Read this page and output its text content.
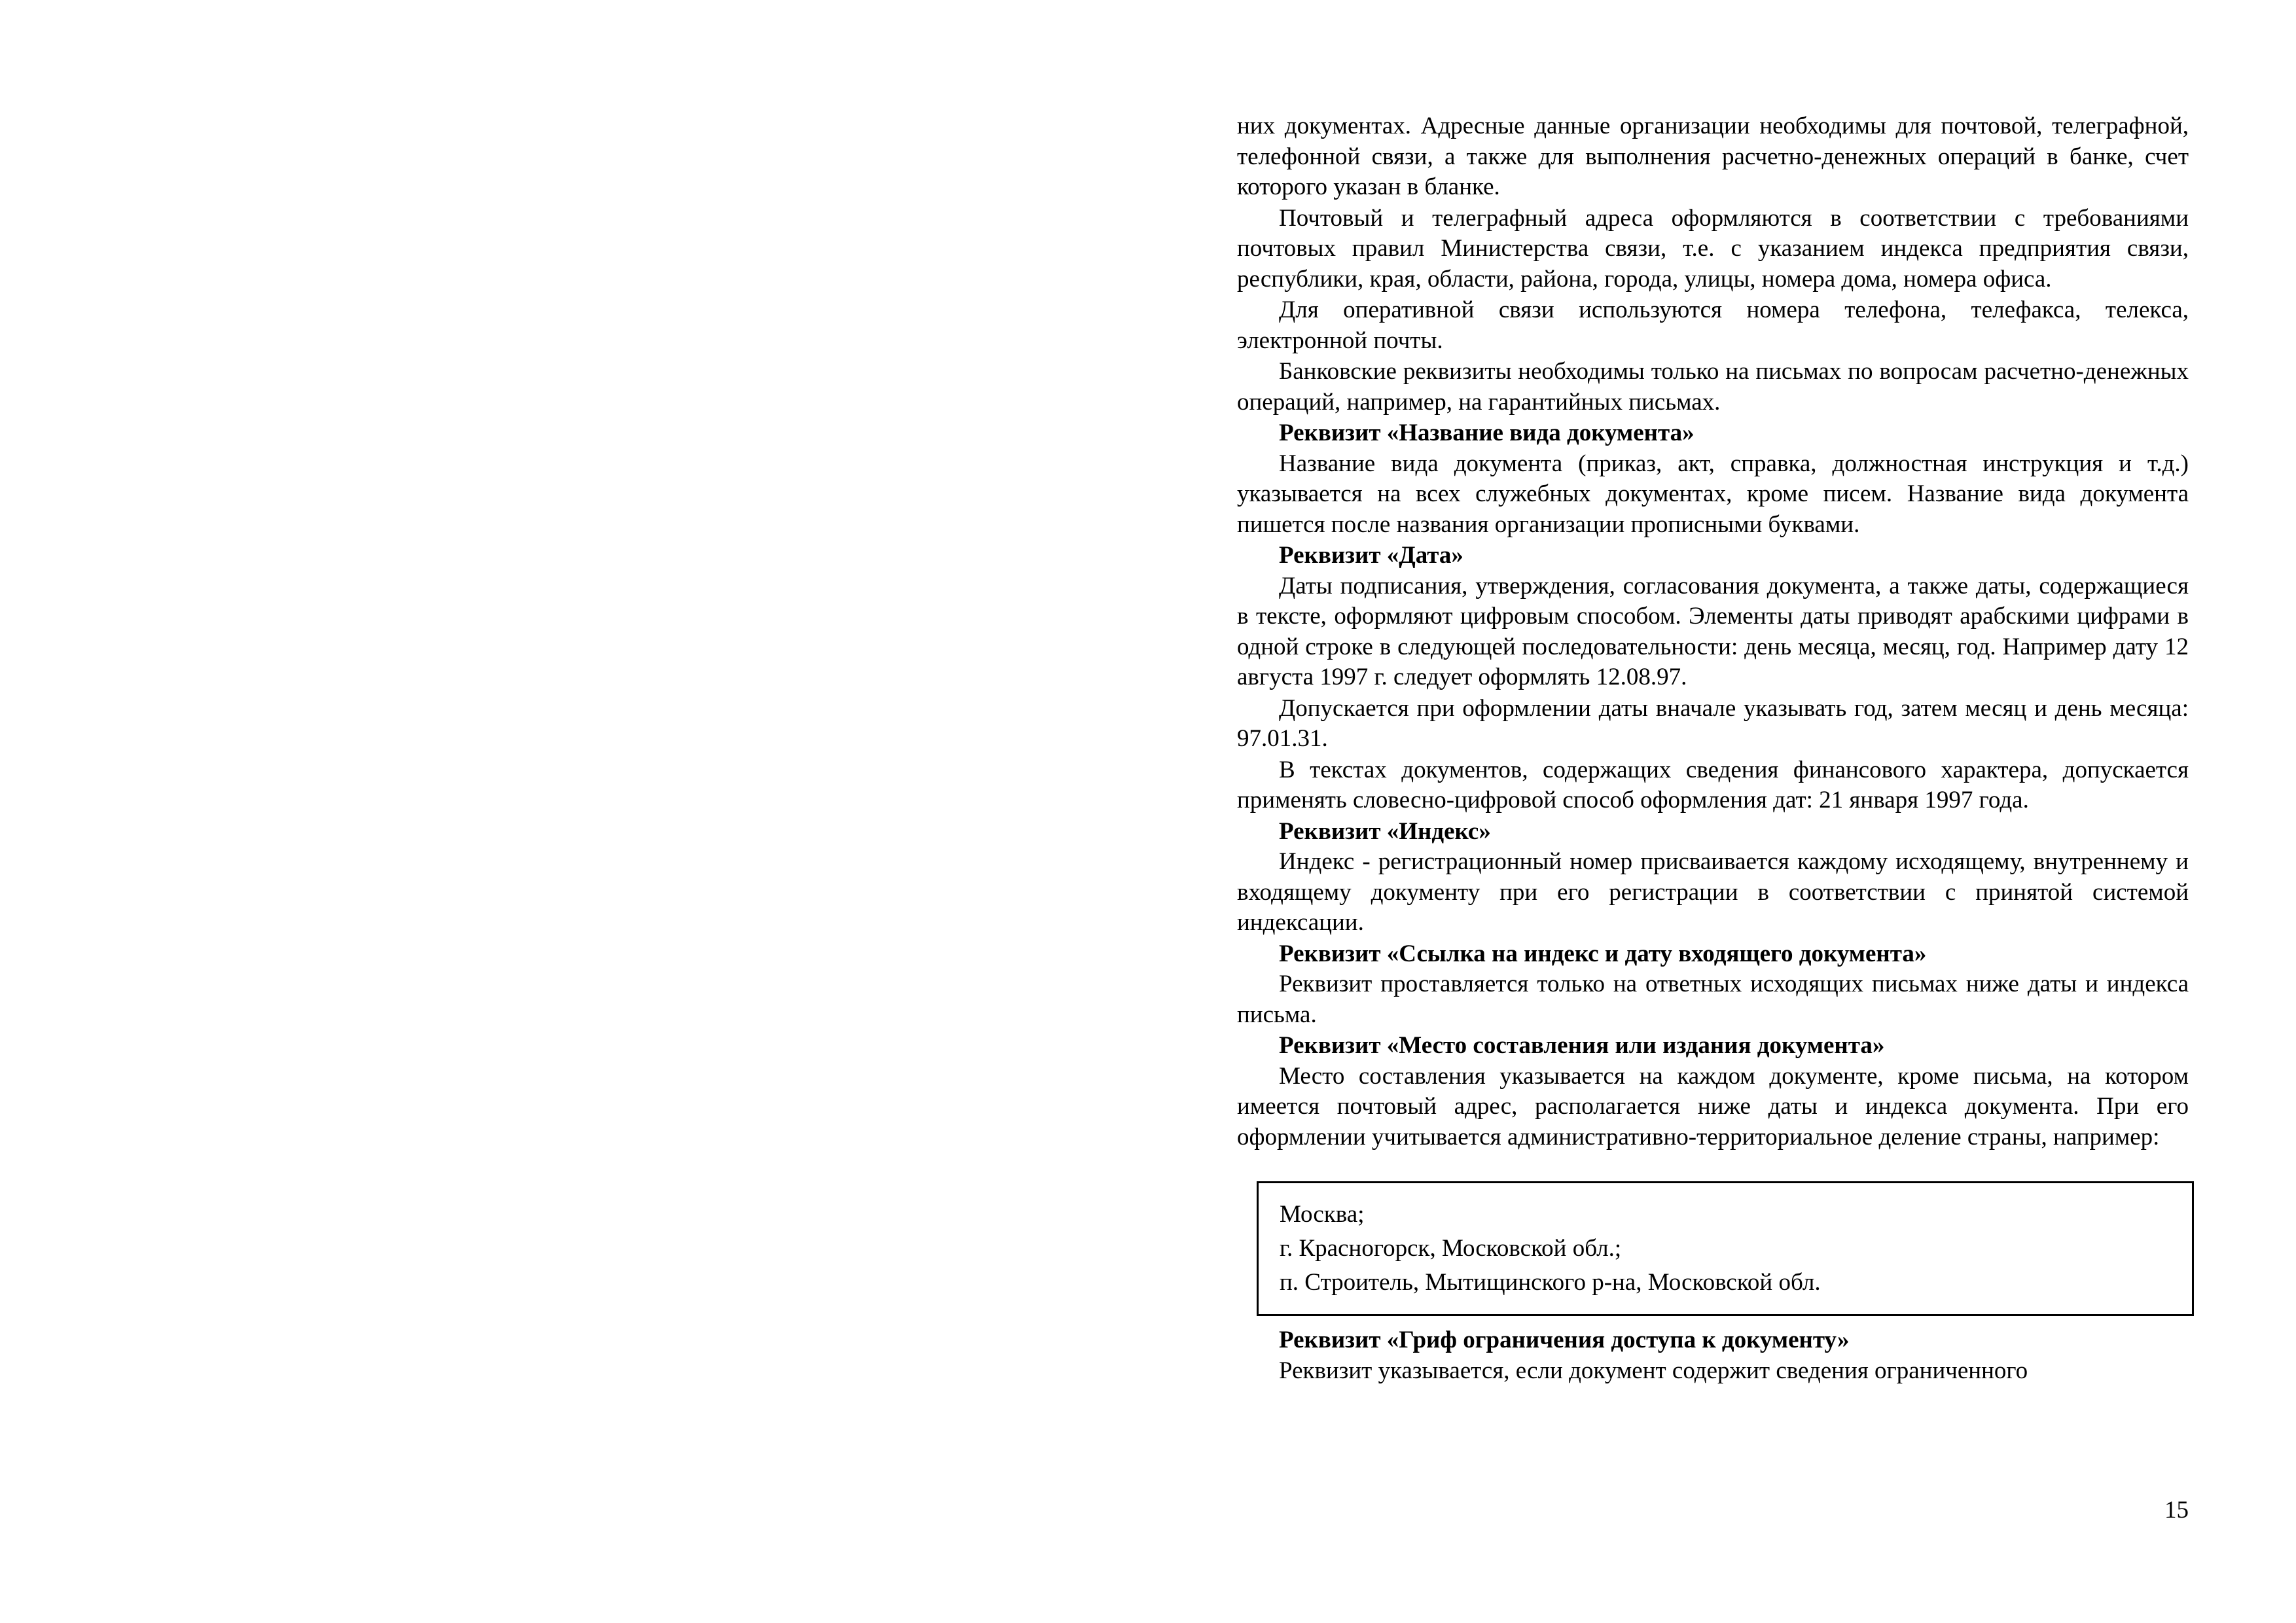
них документах. Адресные данные организации необходимы для почтовой, телеграфной, телефонной связи, а также для выполнения расчетно-денежных операций в банке, счет которого указан в бланке.

Почтовый и телеграфный адреса оформляются в соответствии с требованиями почтовых правил Министерства связи, т.е. с указанием индекса предприятия связи, республики, края, области, района, города, улицы, номера дома, номера офиса.

Для оперативной связи используются номера телефона, телефакса, телекса, электронной почты.

Банковские реквизиты необходимы только на письмах по вопросам расчетно-денежных операций, например, на гарантийных письмах.

Реквизит «Название вида документа»

Название вида документа (приказ, акт, справка, должностная инструкция и т.д.) указывается на всех служебных документах, кроме писем. Название вида документа пишется после названия организации прописными буквами.

Реквизит «Дата»

Даты подписания, утверждения, согласования документа, а также даты, содержащиеся в тексте, оформляют цифровым способом. Элементы даты приводят арабскими цифрами в одной строке в следующей последовательности: день месяца, месяц, год. Например дату 12 августа 1997 г. следует оформлять 12.08.97.

Допускается при оформлении даты вначале указывать год, затем месяц и день месяца: 97.01.31.

В текстах документов, содержащих сведения финансового характера, допускается применять словесно-цифровой способ оформления дат: 21 января 1997 года.

Реквизит «Индекс»

Индекс - регистрационный номер присваивается каждому исходящему, внутреннему и входящему документу при его регистрации в соответствии с принятой системой индексации.

Реквизит «Ссылка на индекс и дату входящего документа»

Реквизит проставляется только на ответных исходящих письмах ниже даты и индекса письма.

Реквизит «Место составления или издания документа»

Место составления указывается на каждом документе, кроме письма, на котором имеется почтовый адрес, располагается ниже даты и индекса документа. При его оформлении учитывается административно-территориальное деление страны, например:

Москва;

г. Красногорск, Московской обл.;

п. Строитель, Мытищинского р-на, Московской обл.

Реквизит «Гриф ограничения доступа к документу»

Реквизит указывается, если документ содержит сведения ограниченного

15
